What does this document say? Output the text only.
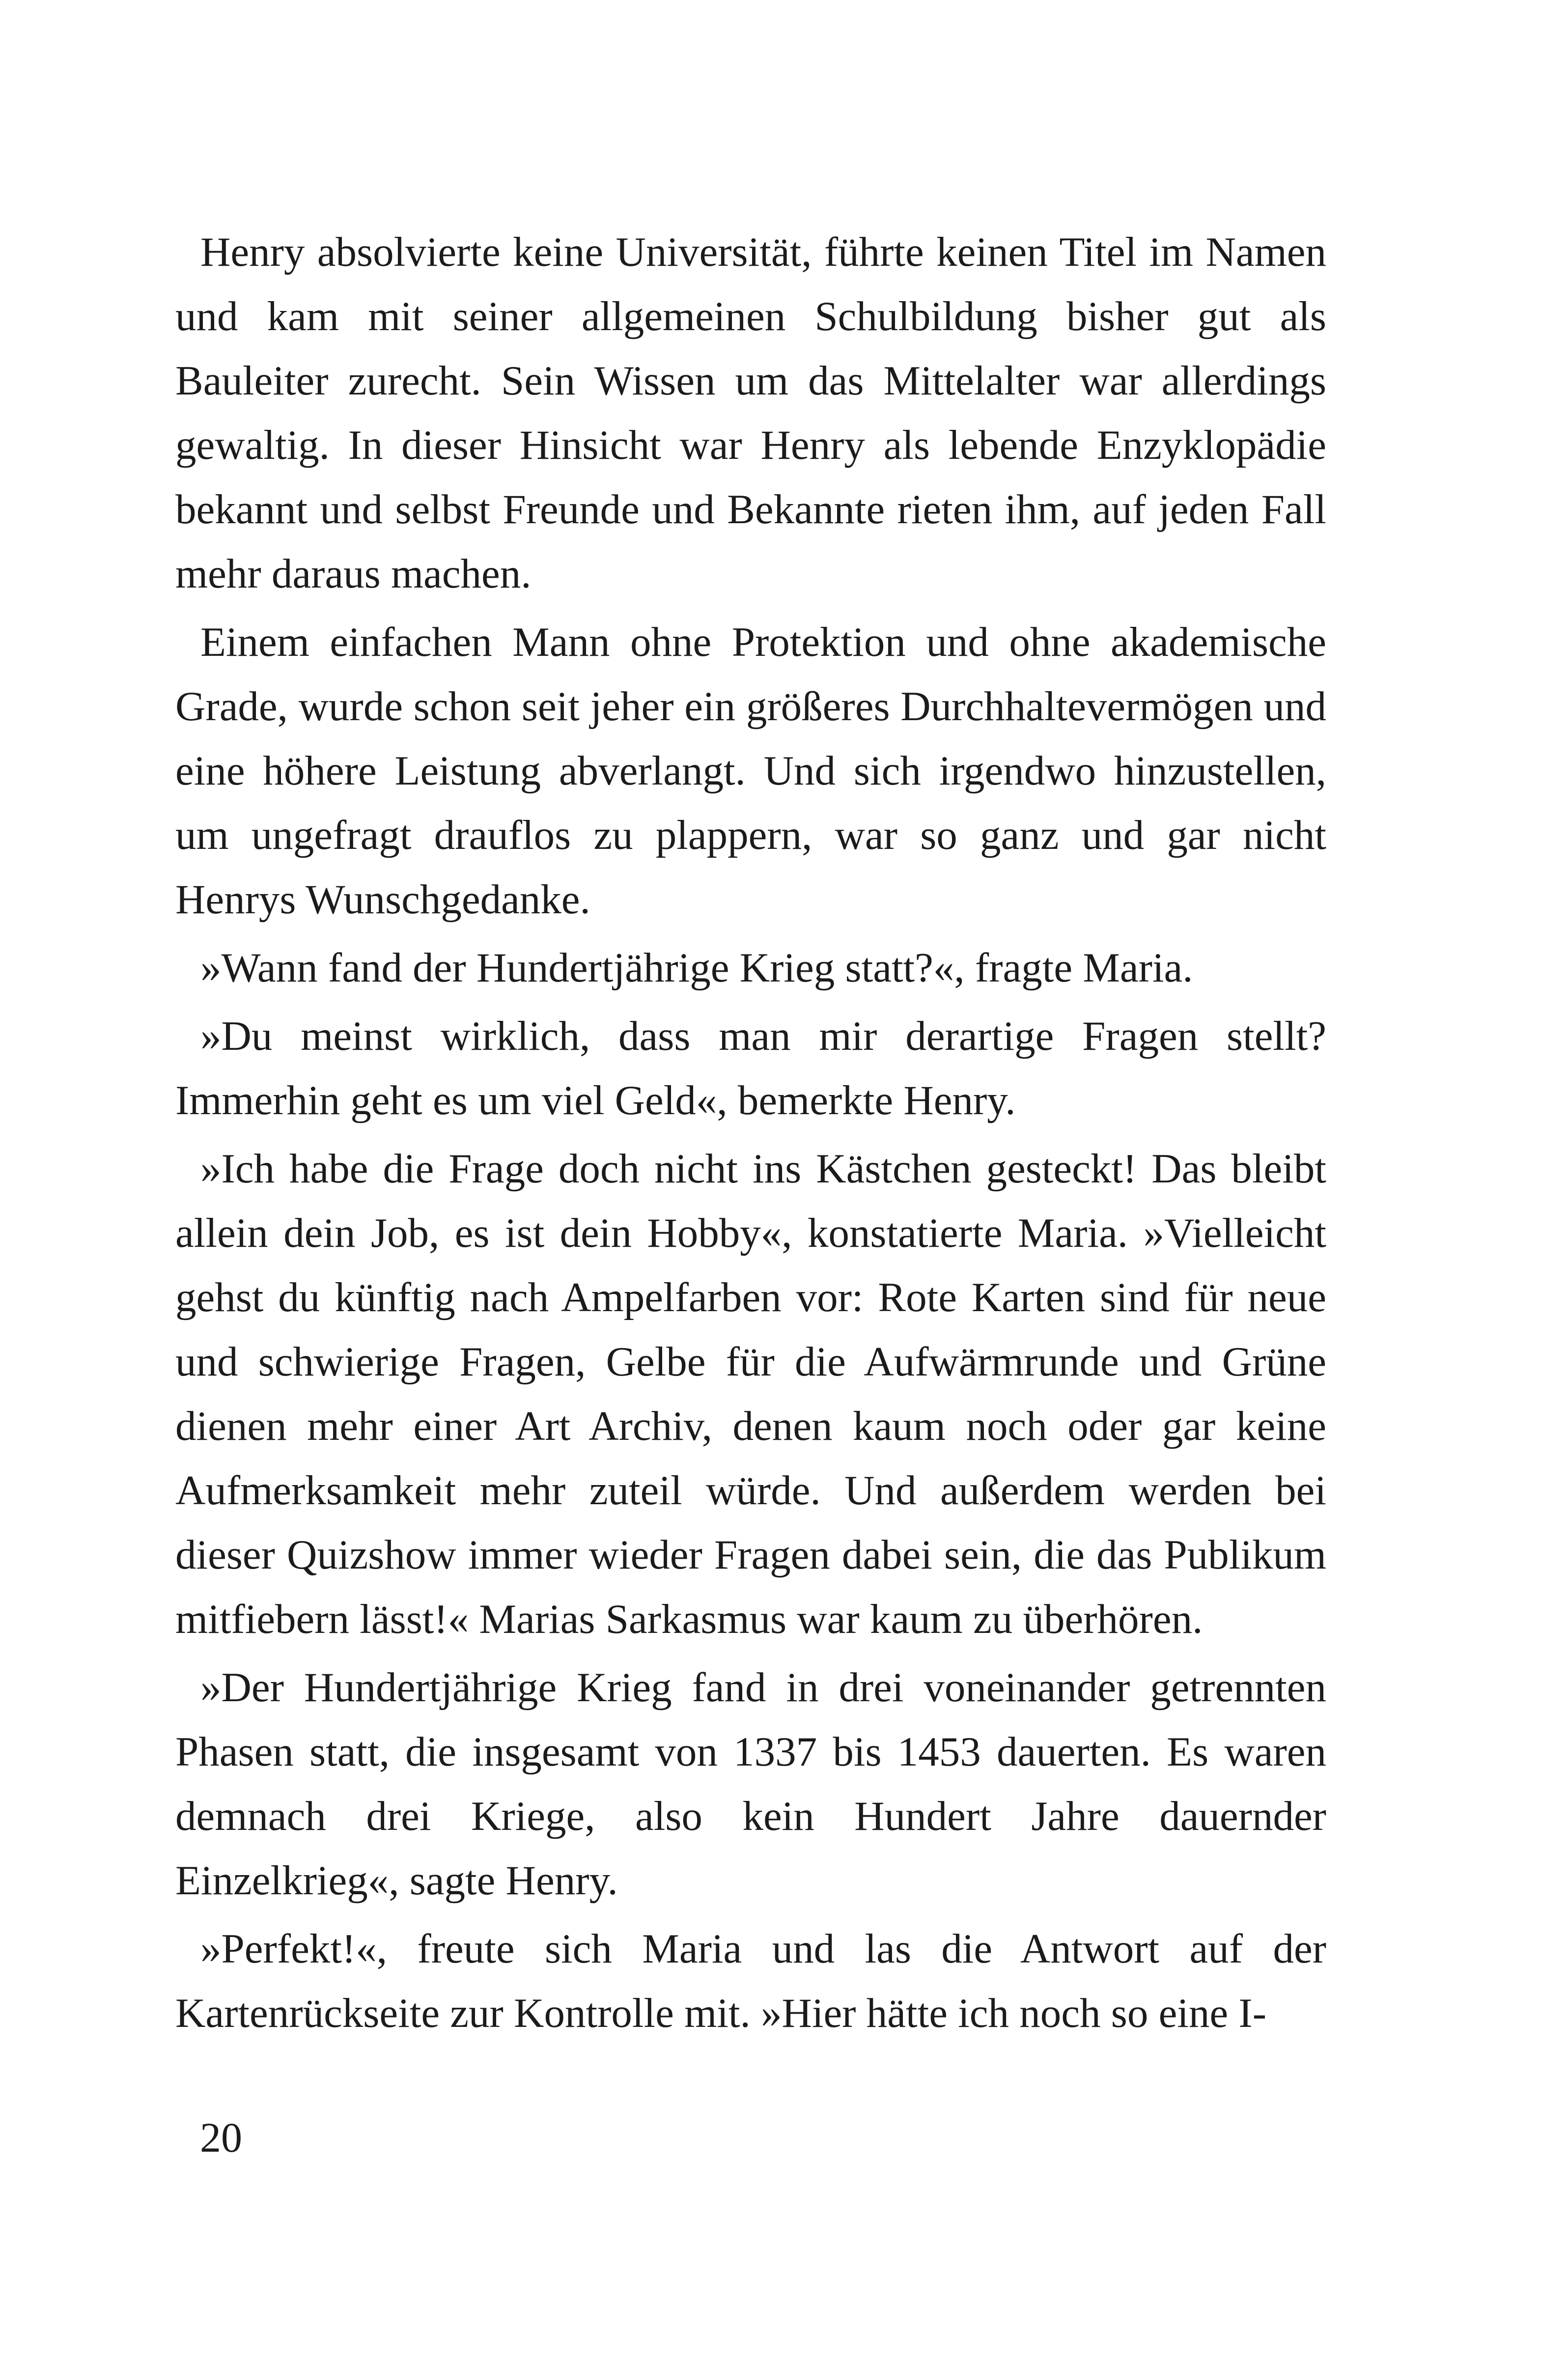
Henry absolvierte keine Universität, führte keinen Titel im Namen und kam mit seiner allgemeinen Schulbildung bisher gut als Bauleiter zurecht. Sein Wissen um das Mittelalter war allerdings gewaltig. In dieser Hinsicht war Henry als lebende Enzyklopädie bekannt und selbst Freunde und Bekannte rieten ihm, auf jeden Fall mehr daraus machen.

Einem einfachen Mann ohne Protektion und ohne akademische Grade, wurde schon seit jeher ein größeres Durchhaltevermögen und eine höhere Leistung abverlangt. Und sich irgendwo hinzustellen, um ungefragt drauflos zu plappern, war so ganz und gar nicht Henrys Wunschgedanke.

»Wann fand der Hundertjährige Krieg statt?«, fragte Maria.

»Du meinst wirklich, dass man mir derartige Fragen stellt? Immerhin geht es um viel Geld«, bemerkte Henry.

»Ich habe die Frage doch nicht ins Kästchen gesteckt! Das bleibt allein dein Job, es ist dein Hobby«, konstatierte Maria. »Vielleicht gehst du künftig nach Ampelfarben vor: Rote Karten sind für neue und schwierige Fragen, Gelbe für die Aufwärmrunde und Grüne dienen mehr einer Art Archiv, denen kaum noch oder gar keine Aufmerksamkeit mehr zuteil würde. Und außerdem werden bei dieser Quizshow immer wieder Fragen dabei sein, die das Publikum mitfiebern lässt!« Marias Sarkasmus war kaum zu überhören.

»Der Hundertjährige Krieg fand in drei voneinander getrennten Phasen statt, die insgesamt von 1337 bis 1453 dauerten. Es waren demnach drei Kriege, also kein Hundert Jahre dauernder Einzelkrieg«, sagte Henry.

»Perfekt!«, freute sich Maria und las die Antwort auf der Kartenrückseite zur Kontrolle mit. »Hier hätte ich noch so eine I-

20
